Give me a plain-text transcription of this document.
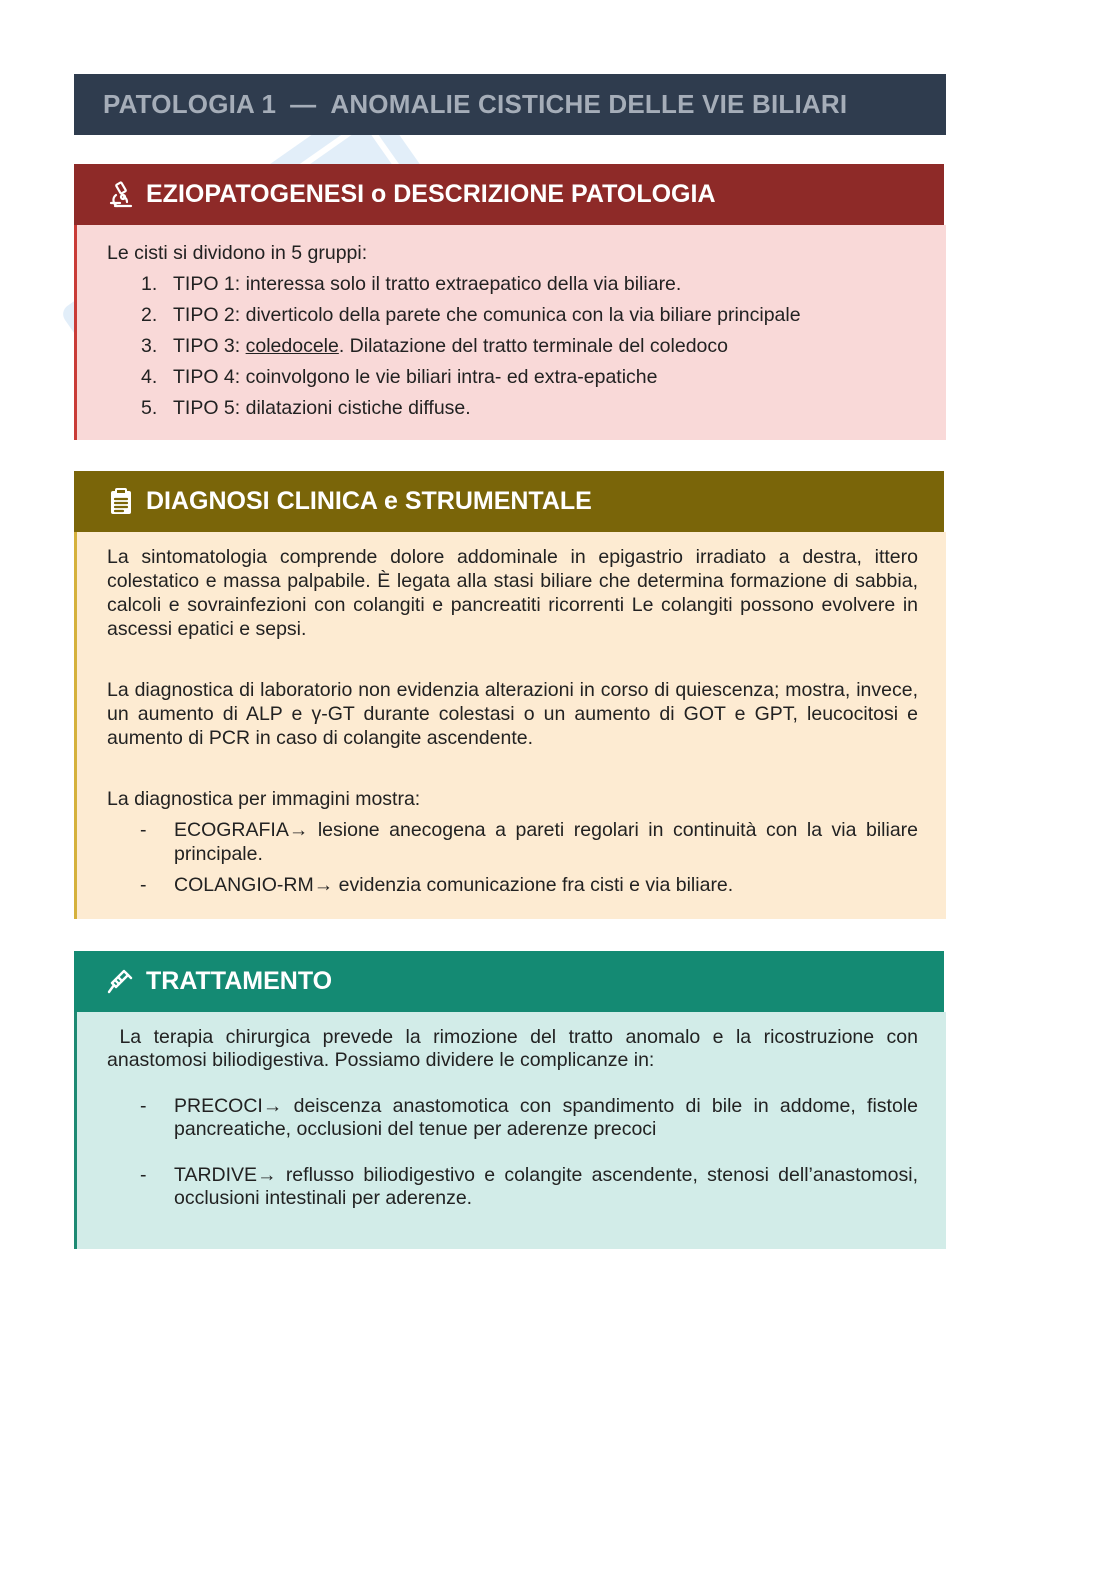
PATOLOGIA 1 — ANOMALIE CISTICHE DELLE VIE BILIARI
EZIOPATOGENESI o DESCRIZIONE PATOLOGIA

Le cisti si dividono in 5 gruppi:

1. TIPO 1: interessa solo il tratto extraepatico della via biliare.

2. TIPO 2: diverticolo della parete che comunica con la via biliare principale

3. TIPO 3: coledocele. Dilatazione del tratto terminale del coledoco

4. TIPO 4: coinvolgono le vie biliari intra- ed extra-epatiche

5. TIPO 5: dilatazioni cistiche diffuse.

DIAGNOSI CLINICA e STRUMENTALE

La sintomatologia comprende dolore addominale in epigastrio irradiato a destra, ittero colestatico e massa palpabile. È legata alla stasi biliare che determina formazione di sabbia, calcoli e sovrainfezioni con colangiti e pancreatiti ricorrenti Le colangiti possono evolvere in ascessi epatici e sepsi.

La diagnostica di laboratorio non evidenzia alterazioni in corso di quiescenza; mostra, invece, un aumento di ALP e γ-GT durante colestasi o un aumento di GOT e GPT, leucocitosi e aumento di PCR in caso di colangite ascendente.

La diagnostica per immagini mostra:

- ECOGRAFIA→ lesione anecogena a pareti regolari in continuità con la via biliare principale.

- COLANGIO-RM→ evidenzia comunicazione fra cisti e via biliare.

TRATTAMENTO

La terapia chirurgica prevede la rimozione del tratto anomalo e la ricostruzione con anastomosi biliodigestiva. Possiamo dividere le complicanze in:

- PRECOCI→ deiscenza anastomotica con spandimento di bile in addome, fistole pancreatiche, occlusioni del tenue per aderenze precoci

- TARDIVE→ reflusso biliodigestivo e colangite ascendente, stenosi dell’anastomosi, occlusioni intestinali per aderenze.
